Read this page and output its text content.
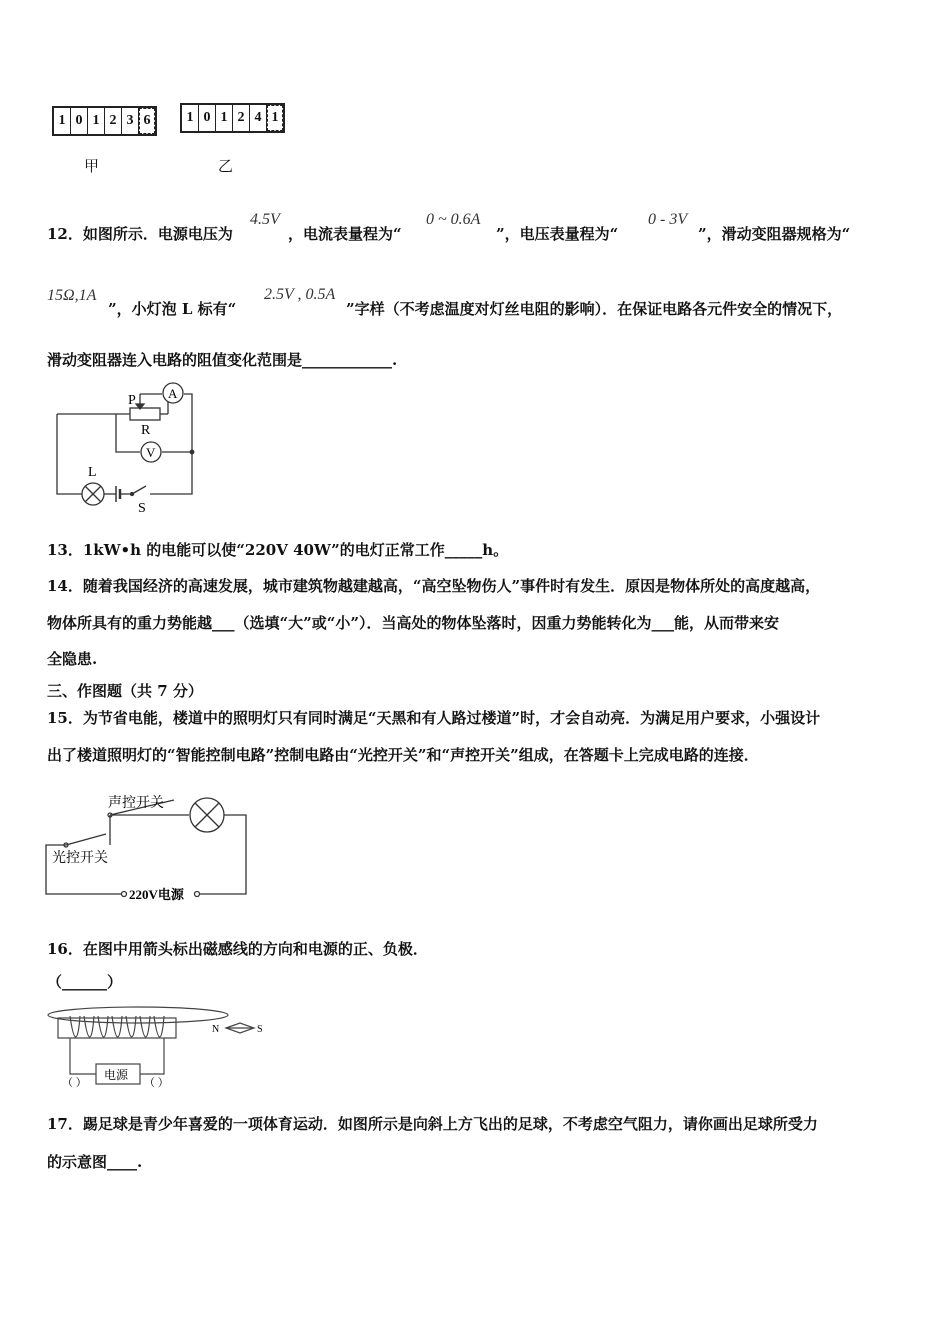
1 0 1 2 3 6
甲
1 0 1 2 4 1
乙
12．如图所示．电源电压为
4.5V
，电流表量程为“
0 ~ 0.6A
”，电压表量程为“
0 - 3V
”，滑动变阻器规格为“
15Ω,1A
”，小灯泡 L 标有“
2.5V , 0.5A
”字样（不考虑温度对灯丝电阻的影响）．在保证电路各元件安全的情况下，
滑动变阻器连入电路的阻值变化范围是____________.
P A
R
V
L
S
13．1kW•h 的电能可以使“220V 40W”的电灯正常工作_____h。
14．随着我国经济的高速发展，城市建筑物越建越高，“高空坠物伤人”事件时有发生．原因是物体所处的高度越高，
物体所具有的重力势能越___（选填“大”或“小”）．当高处的物体坠落时，因重力势能转化为___能，从而带来安
全隐患.
三、作图题（共 7 分）
15．为节省电能，楼道中的照明灯只有同时满足“天黑和有人路过楼道”时，才会自动亮．为满足用户要求，小强设计
出了楼道照明灯的“智能控制电路”控制电路由“光控开关”和“声控开关”组成，在答题卡上完成电路的连接．
声控开关
光控开关
220V电源
16．在图中用箭头标出磁感线的方向和电源的正、负极．
（______）
电源
（ ）	（ ）
N	S
17．踢足球是青少年喜爱的一项体育运动．如图所示是向斜上方飞出的足球，不考虑空气阻力，请你画出足球所受力
的示意图____.
